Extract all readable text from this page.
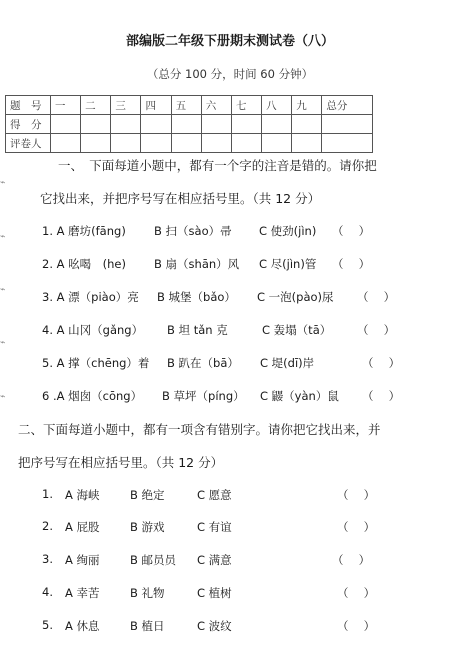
部编版二年级下册期末测试卷（八）
（总分 100 分，时间 60 分钟）
题　号	一	二	三	四	五	六	七	八	九	总分
得　分										
评卷人										
一、　下面每道小题中，都有一个字的注音是错的。请你把
它找出来，并把序号写在相应括号里。（共 12 分）
1. A 磨坊(fāng) B 扫（sào）帚 C 使劲(jìn) （　 ）
2. A 吆喝　(he) B 扇（shān）风 C 尽(jìn)管 （　 ）
3. A 漂（piào）亮 B 城堡（bǎo） C 一泡(pào)尿 （　 ）
4. A 山冈（gǎng） B 坦 tǎn 克	C 轰塌（tā） （　 ）
5. A 撑（chēng）着 B 趴在（bā） C 堤(dī)岸	（　 ）
6 .A 烟囱（cōng） B 草坪（píng） C 鼹（yàn）鼠 （　 ）
二、下面每道小题中，都有一项含有错别字。请你把它找出来，并
把序号写在相应括号里。（共 12 分）
1. A 海峡	B 绝定	C 愿意	（　 ）
2. A 屁股	B 游戏	C 有谊	（　 ）
3. A 绚丽	B 邮员员 C 满意	（　 ）
4. A 幸苦	B 礼物	C 植树	（　 ）
5. A 休息	B 植日	C 波纹	（　 ）
⌁
⌁
⌁
⌁
⌁
